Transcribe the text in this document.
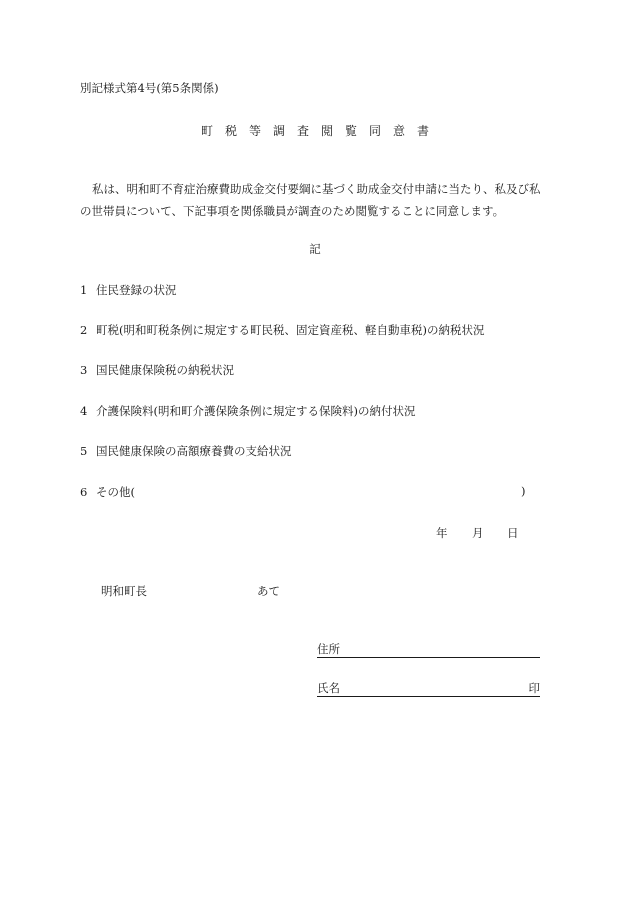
別記様式第4号(第5条関係)
町税等調査閲覧同意書
私は、明和町不育症治療費助成金交付要綱に基づく助成金交付申請に当たり、私及び私
の世帯員について、下記事項を関係職員が調査のため閲覧することに同意します。
記
1 住民登録の状況
2 町税(明和町税条例に規定する町民税、固定資産税、軽自動車税)の納税状況
3 国民健康保険税の納税状況
4 介護保険料(明和町介護保険条例に規定する保険料)の納付状況
5 国民健康保険の高額療養費の支給状況
6 その他(	)
年 月 日
明和町長	あて
住所
氏名	印
